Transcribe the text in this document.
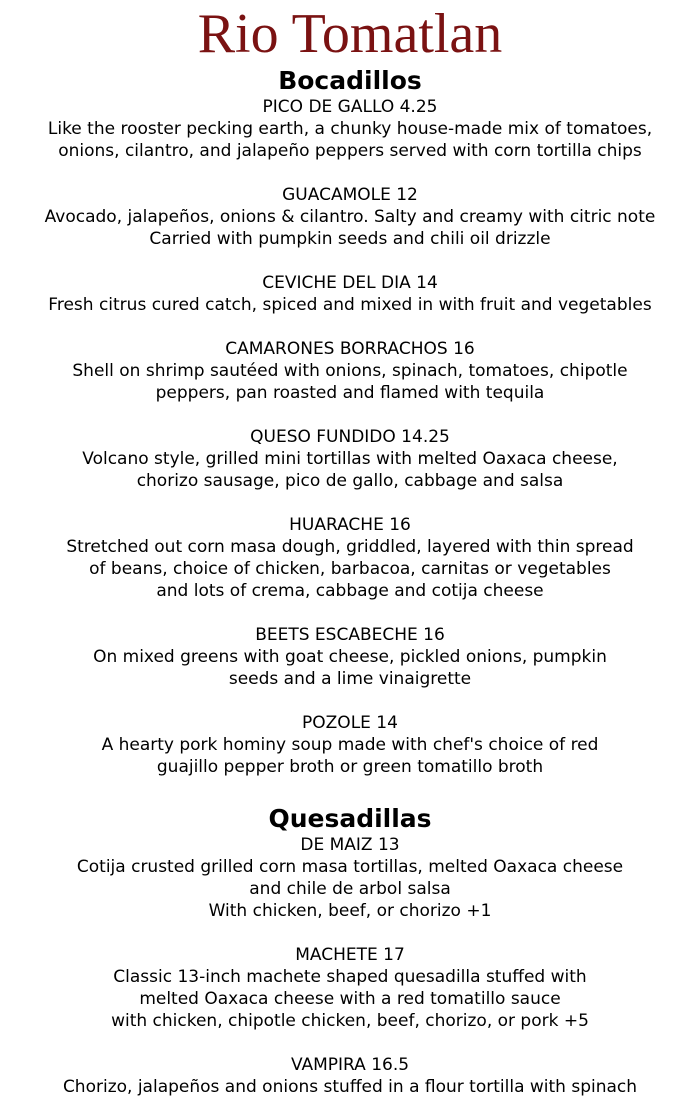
Rio Tomatlan
Bocadillos
PICO DE GALLO 4.25
Like the rooster pecking earth, a chunky house-made mix of tomatoes,
onions, cilantro, and jalapeño peppers served with corn tortilla chips
GUACAMOLE 12
Avocado, jalapeños, onions & cilantro. Salty and creamy with citric note
Carried with pumpkin seeds and chili oil drizzle
CEVICHE DEL DIA 14
Fresh citrus cured catch, spiced and mixed in with fruit and vegetables
CAMARONES BORRACHOS 16
Shell on shrimp sautéed with onions, spinach, tomatoes, chipotle
peppers, pan roasted and flamed with tequila
QUESO FUNDIDO 14.25
Volcano style, grilled mini tortillas with melted Oaxaca cheese,
chorizo sausage, pico de gallo, cabbage and salsa
HUARACHE 16
Stretched out corn masa dough, griddled, layered with thin spread
of beans, choice of chicken, barbacoa, carnitas or vegetables
and lots of crema, cabbage and cotija cheese
BEETS ESCABECHE 16
On mixed greens with goat cheese, pickled onions, pumpkin
seeds and a lime vinaigrette
POZOLE 14
A hearty pork hominy soup made with chef's choice of red
guajillo pepper broth or green tomatillo broth
Quesadillas
DE MAIZ 13
Cotija crusted grilled corn masa tortillas, melted Oaxaca cheese
and chile de arbol salsa
With chicken, beef, or chorizo +1
MACHETE 17
Classic 13-inch machete shaped quesadilla stuffed with
melted Oaxaca cheese with a red tomatillo sauce
with chicken, chipotle chicken, beef, chorizo, or pork +5
VAMPIRA 16.5
Chorizo, jalapeños and onions stuffed in a flour tortilla with spinach
